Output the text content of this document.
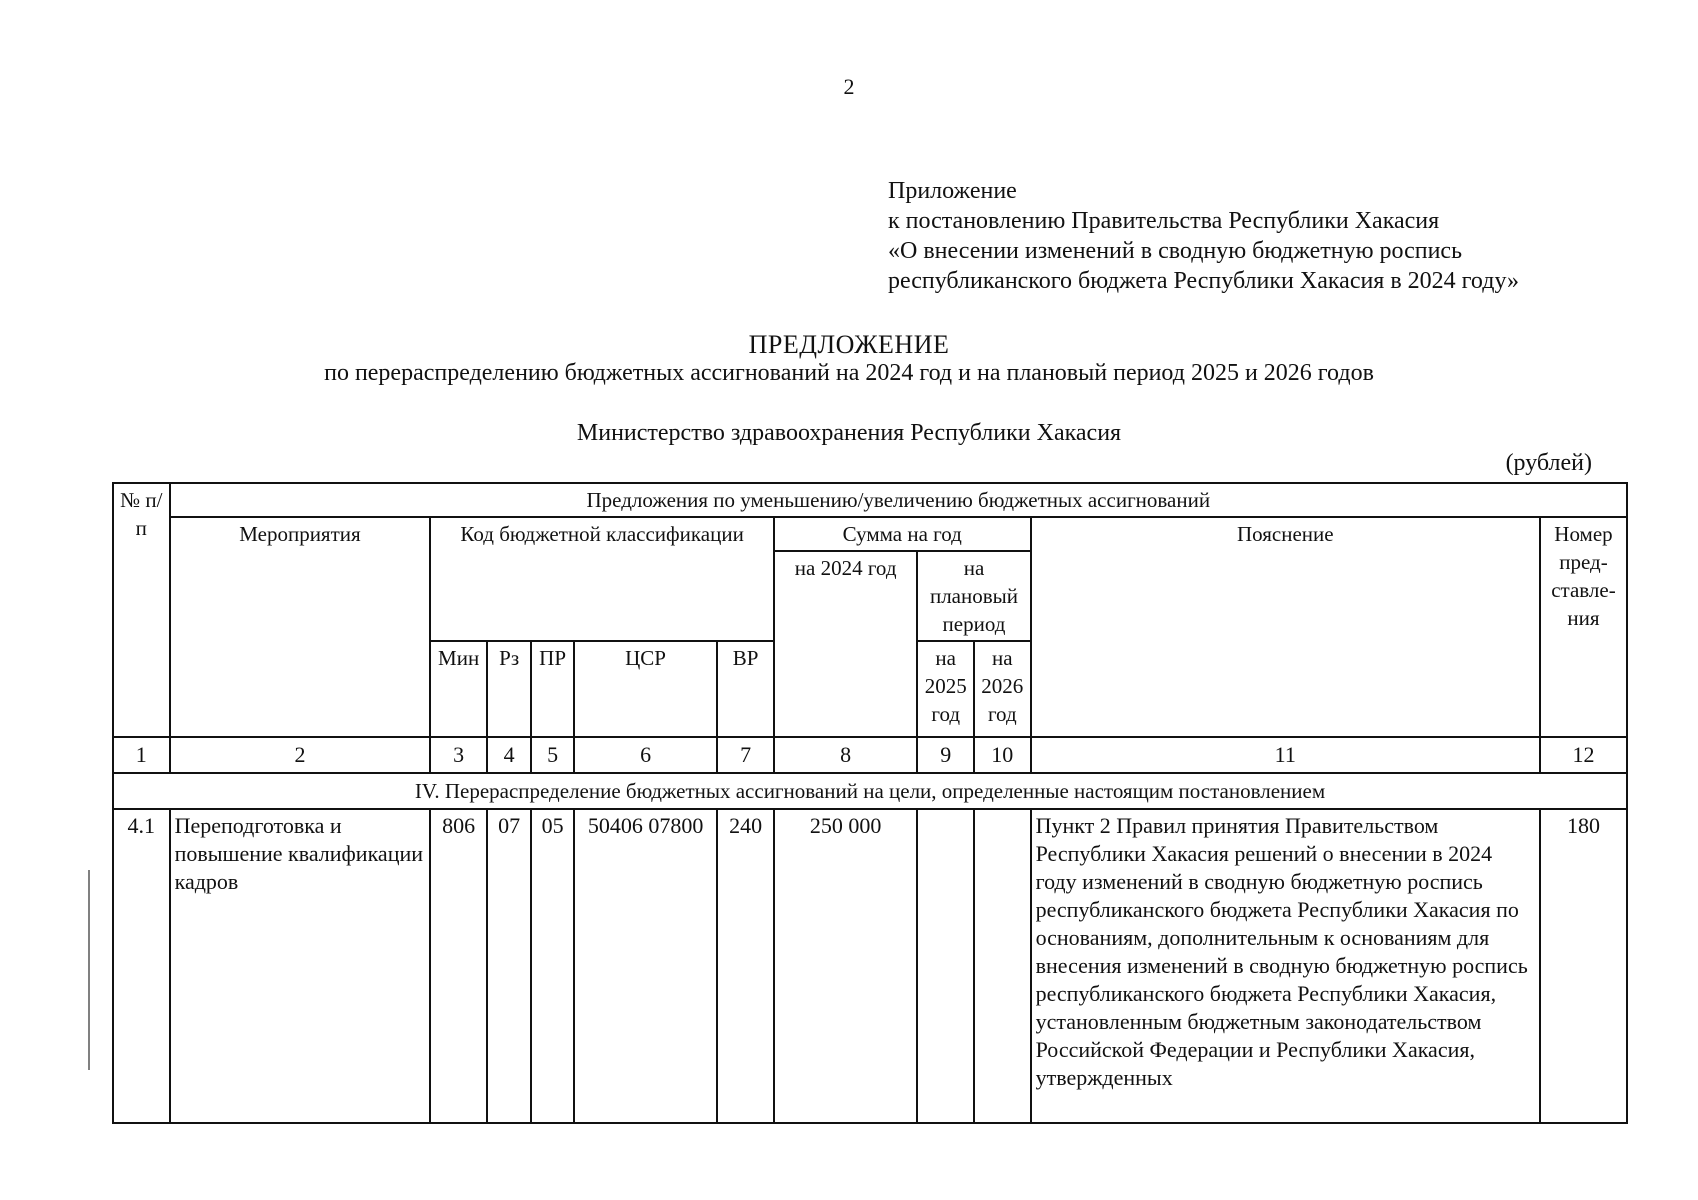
2
Приложение
к постановлению Правительства Республики Хакасия
«О внесении изменений в сводную бюджетную роспись
республиканского бюджета Республики Хакасия в 2024 году»
ПРЕДЛОЖЕНИЕ
по перераспределению бюджетных ассигнований на 2024 год и на плановый период 2025 и 2026 годов
Министерство здравоохранения Республики Хакасия
(рублей)
№ п/п	Предложения по уменьшению/увеличению бюджетных ассигнований										
	Мероприятия	Код бюджетной классификации					Сумма на год			Пояснение	Номер пред-ставле-ния
							на 2024 год	на плановый период			
		Мин	Рз	ПР	ЦСР	ВР		на 2025 год	на 2026 год		
1	2	3	4	5	6	7	8	9	10	11	12
IV. Перераспределение бюджетных ассигнований на цели, определенные настоящим постановлением											
4.1	Переподготовка и повышение квалификации кадров	806	07	05	50406 07800	240	250 000			Пункт 2 Правил принятия Правительством Республики Хакасия решений о внесении в 2024 году изменений в сводную бюджетную роспись республиканского бюджета Республики Хакасия по основаниям, дополнительным к основаниям для внесения изменений в сводную бюджетную роспись республиканского бюджета Республики Хакасия, установленным бюджетным законодательством Российской Федерации и Республики Хакасия, утвержденных	180
